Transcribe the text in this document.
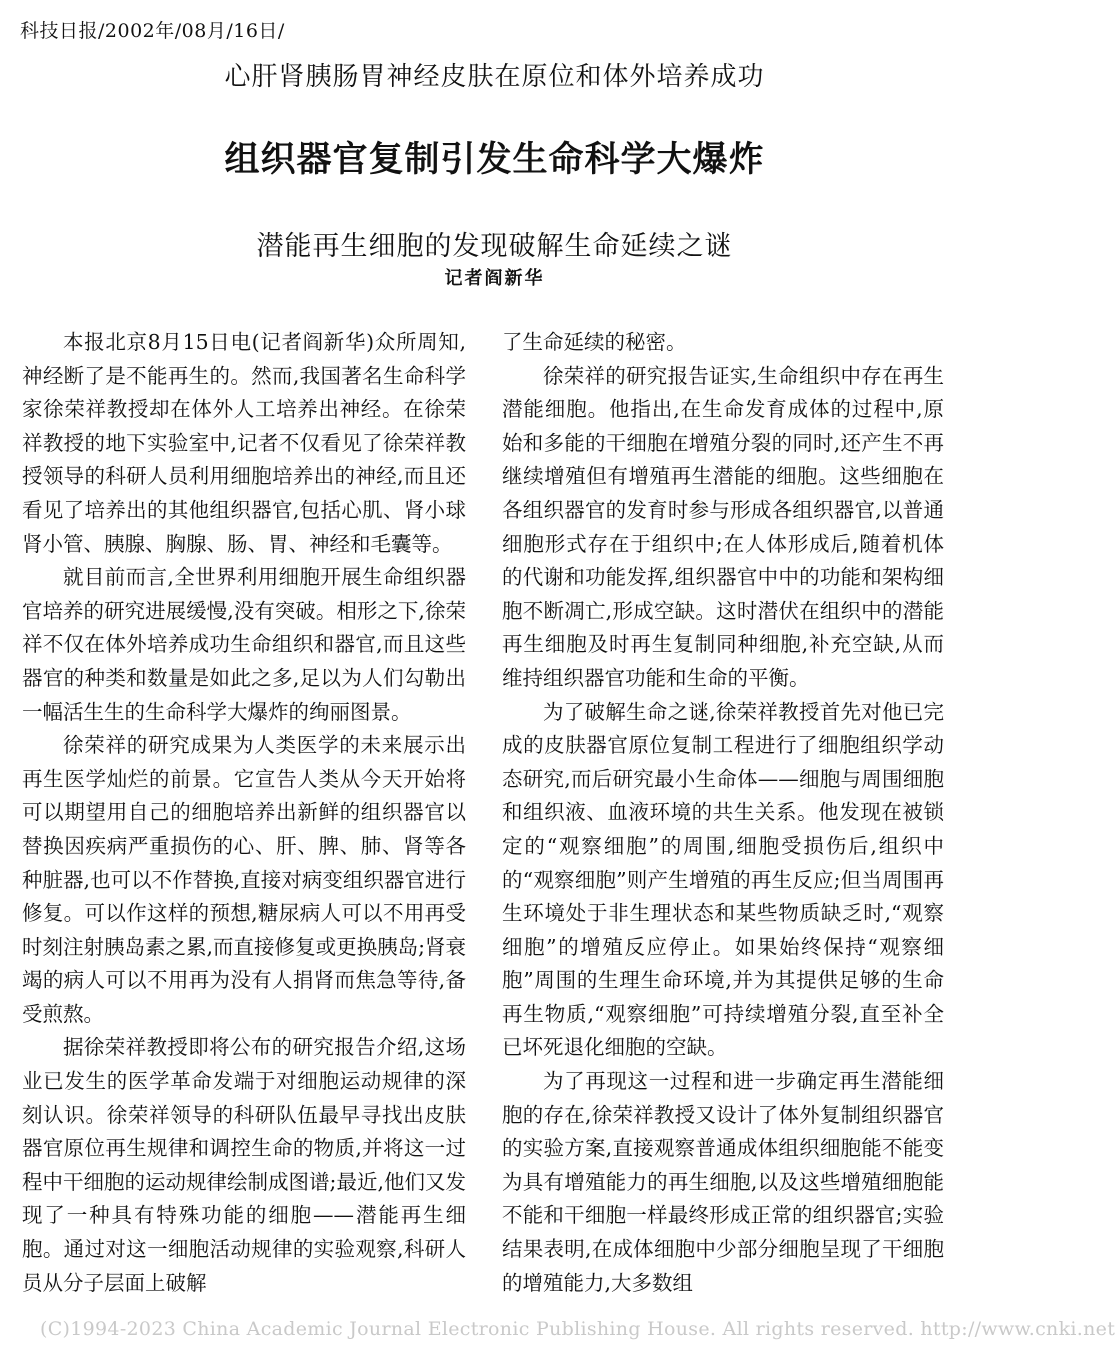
科技日报/2002年/08月/16日/
心肝肾胰肠胃神经皮肤在原位和体外培养成功
组织器官复制引发生命科学大爆炸
潜能再生细胞的发现破解生命延续之谜
记者阎新华

本报北京8月15日电(记者阎新华)众所周知,神经断了是不能再生的。然而,我国著名生命科学家徐荣祥教授却在体外人工培养出神经。在徐荣祥教授的地下实验室中,记者不仅看见了徐荣祥教授领导的科研人员利用细胞培养出的神经,而且还看见了培养出的其他组织器官,包括心肌、肾小球肾小管、胰腺、胸腺、肠、胃、神经和毛囊等。

就目前而言,全世界利用细胞开展生命组织器官培养的研究进展缓慢,没有突破。相形之下,徐荣祥不仅在体外培养成功生命组织和器官,而且这些器官的种类和数量是如此之多,足以为人们勾勒出一幅活生生的生命科学大爆炸的绚丽图景。

徐荣祥的研究成果为人类医学的未来展示出再生医学灿烂的前景。它宣告人类从今天开始将可以期望用自己的细胞培养出新鲜的组织器官以替换因疾病严重损伤的心、肝、脾、肺、肾等各种脏器,也可以不作替换,直接对病变组织器官进行修复。可以作这样的预想,糖尿病人可以不用再受时刻注射胰岛素之累,而直接修复或更换胰岛;肾衰竭的病人可以不用再为没有人捐肾而焦急等待,备受煎熬。

据徐荣祥教授即将公布的研究报告介绍,这场业已发生的医学革命发端于对细胞运动规律的深刻认识。徐荣祥领导的科研队伍最早寻找出皮肤器官原位再生规律和调控生命的物质,并将这一过程中干细胞的运动规律绘制成图谱;最近,他们又发现了一种具有特殊功能的细胞——潜能再生细胞。通过对这一细胞活动规律的实验观察,科研人员从分子层面上破解

了生命延续的秘密。

徐荣祥的研究报告证实,生命组织中存在再生潜能细胞。他指出,在生命发育成体的过程中,原始和多能的干细胞在增殖分裂的同时,还产生不再继续增殖但有增殖再生潜能的细胞。这些细胞在各组织器官的发育时参与形成各组织器官,以普通细胞形式存在于组织中;在人体形成后,随着机体的代谢和功能发挥,组织器官中中的功能和架构细胞不断凋亡,形成空缺。这时潜伏在组织中的潜能再生细胞及时再生复制同种细胞,补充空缺,从而维持组织器官功能和生命的平衡。

为了破解生命之谜,徐荣祥教授首先对他已完成的皮肤器官原位复制工程进行了细胞组织学动态研究,而后研究最小生命体——细胞与周围细胞和组织液、血液环境的共生关系。他发现在被锁定的“观察细胞”的周围,细胞受损伤后,组织中的“观察细胞”则产生增殖的再生反应;但当周围再生环境处于非生理状态和某些物质缺乏时,“观察细胞”的增殖反应停止。如果始终保持“观察细胞”周围的生理生命环境,并为其提供足够的生命再生物质,“观察细胞”可持续增殖分裂,直至补全已坏死退化细胞的空缺。

为了再现这一过程和进一步确定再生潜能细胞的存在,徐荣祥教授又设计了体外复制组织器官的实验方案,直接观察普通成体组织细胞能不能变为具有增殖能力的再生细胞,以及这些增殖细胞能不能和干细胞一样最终形成正常的组织器官;实验结果表明,在成体细胞中少部分细胞呈现了干细胞的增殖能力,大多数组

(C)1994-2023 China Academic Journal Electronic Publishing House. All rights reserved. http://www.cnki.net
